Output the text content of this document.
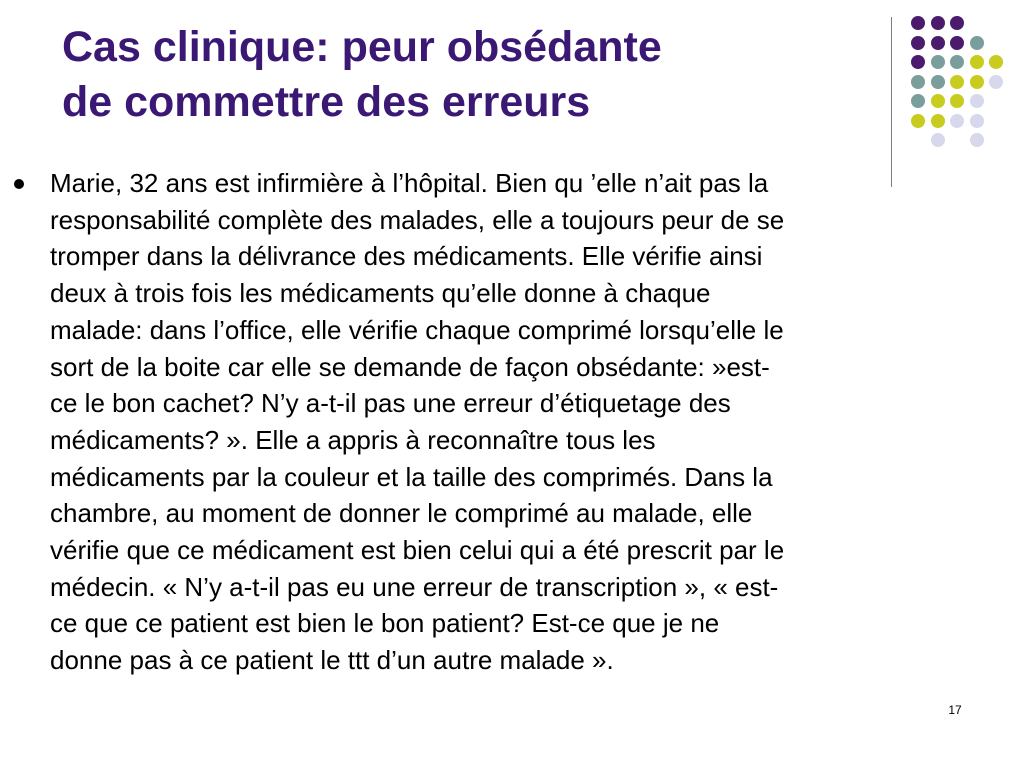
Cas clinique: peur obsédante
de commettre des erreurs
Marie, 32 ans est infirmière à l’hôpital. Bien qu ’elle n’ait pas la
responsabilité complète des malades, elle a toujours peur de se
tromper dans la délivrance des médicaments. Elle vérifie ainsi
deux à trois fois les médicaments qu’elle donne à chaque
malade: dans l’office, elle vérifie chaque comprimé lorsqu’elle le
sort de la boite car elle se demande de façon obsédante: »est-
ce le bon cachet? N’y a-t-il pas une erreur d’étiquetage des
médicaments? ». Elle a appris à reconnaître tous les
médicaments par la couleur et la taille des comprimés. Dans la
chambre, au moment de donner le comprimé au malade, elle
vérifie que ce médicament est bien celui qui a été prescrit par le
médecin. « N’y a-t-il pas eu une erreur de transcription », « est-
ce que ce patient est bien le bon patient? Est-ce que je ne
donne pas à ce patient le ttt d’un autre malade ».
17
